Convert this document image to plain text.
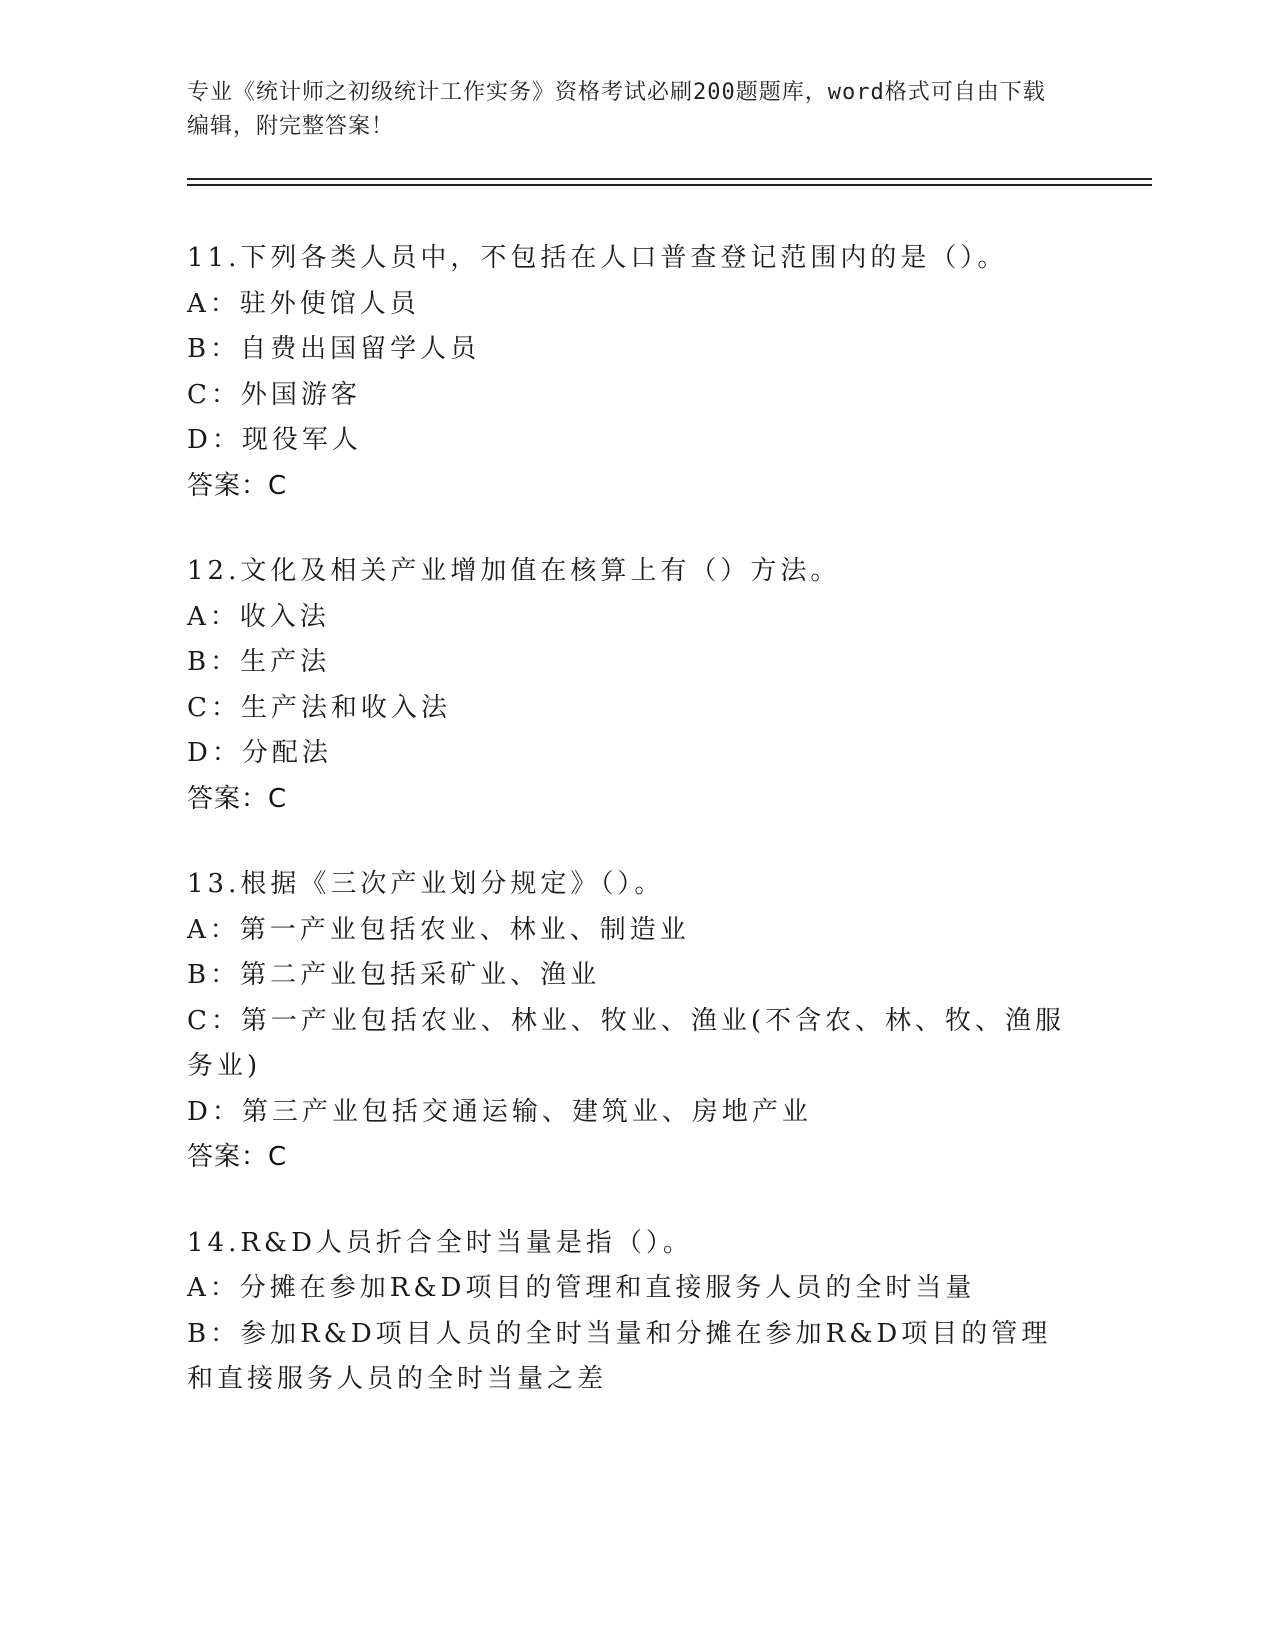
专业《统计师之初级统计工作实务》资格考试必刷200题题库，word格式可自由下载编辑，附完整答案！
11.下列各类人员中，不包括在人口普查登记范围内的是（）。
A：驻外使馆人员
B：自费出国留学人员
C：外国游客
D：现役军人
答案：C
12.文化及相关产业增加值在核算上有（）方法。
A：收入法
B：生产法
C：生产法和收入法
D：分配法
答案：C
13.根据《三次产业划分规定》（）。
A：第一产业包括农业、林业、制造业
B：第二产业包括采矿业、渔业
C：第一产业包括农业、林业、牧业、渔业(不含农、林、牧、渔服务业)
D：第三产业包括交通运输、建筑业、房地产业
答案：C
14.R&D人员折合全时当量是指（）。
A：分摊在参加R&D项目的管理和直接服务人员的全时当量
B：参加R&D项目人员的全时当量和分摊在参加R&D项目的管理和直接服务人员的全时当量之差
